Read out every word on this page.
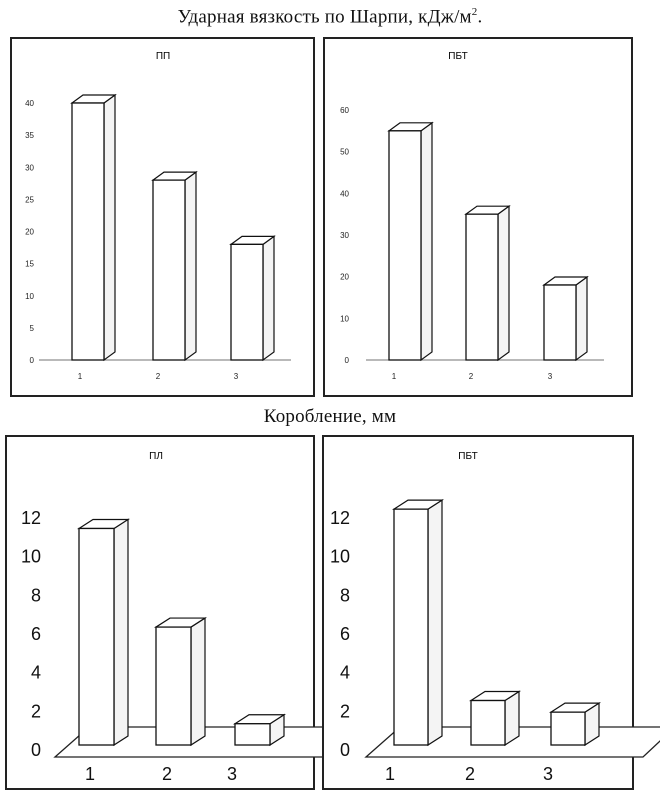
Ударная вязкость по Шарпи, кДж/$м^2$.
ПП
0
5
10
15
20
25
30
35
40
1	2	3
ПБТ
0
10
20
30
40
50
60
1	2	3
Коробление, мм
ПЛ
0
2
4
6
8
10
12
1	2	3
ПБТ
0
2
4
6
8
10
12
1	2	3
